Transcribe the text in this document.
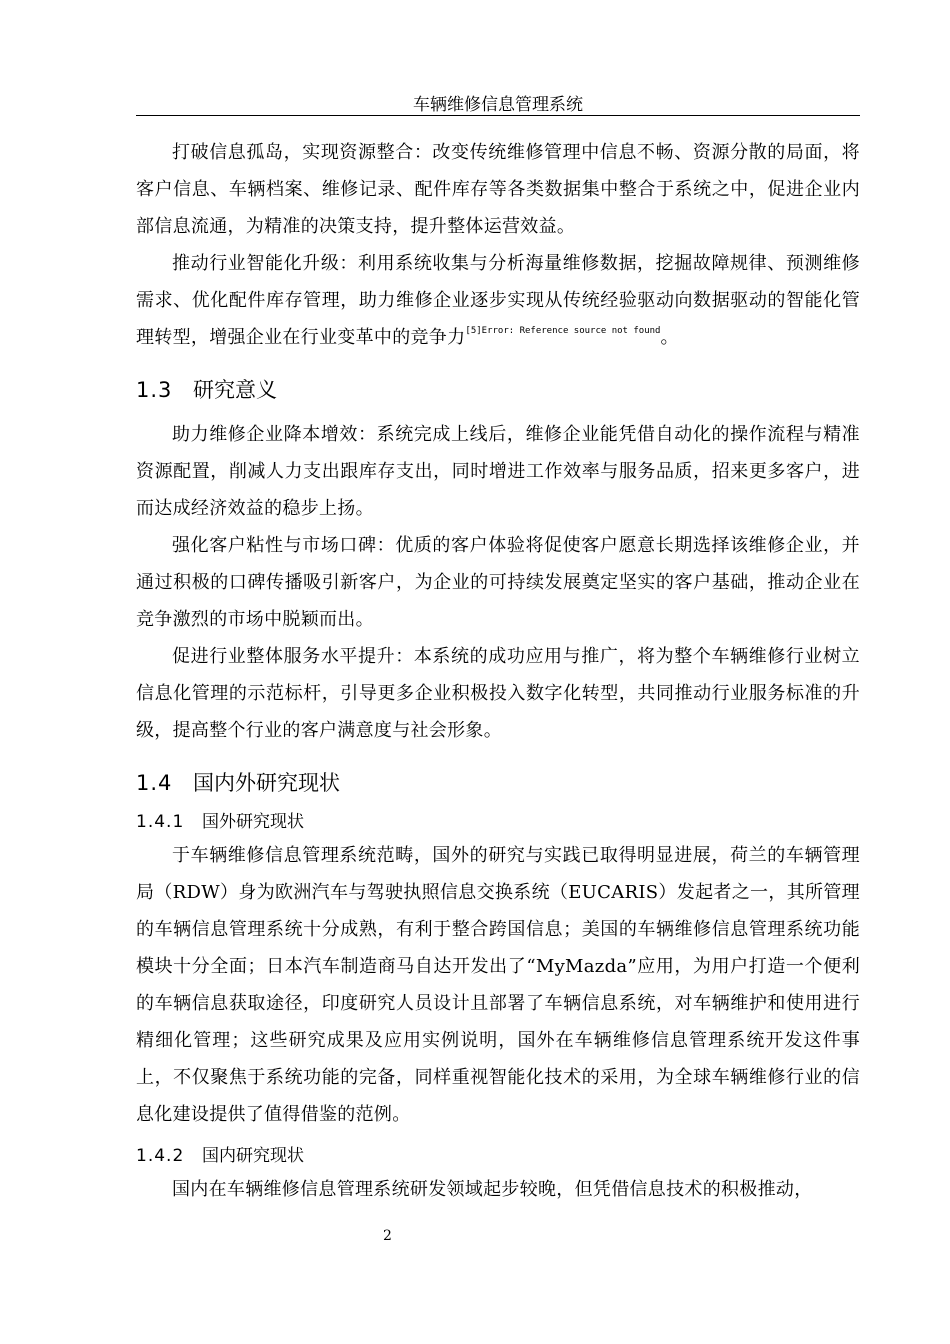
车辆维修信息管理系统

打破信息孤岛，实现资源整合：改变传统维修管理中信息不畅、资源分散的局面，将客户信息、车辆档案、维修记录、配件库存等各类数据集中整合于系统之中，促进企业内部信息流通，为精准的决策支持，提升整体运营效益。

推动行业智能化升级：利用系统收集与分析海量维修数据，挖掘故障规律、预测维修需求、优化配件库存管理，助力维修企业逐步实现从传统经验驱动向数据驱动的智能化管理转型，增强企业在行业变革中的竞争力$^{[5]Error: Reference source not found}$。

1.3 研究意义

助力维修企业降本增效：系统完成上线后，维修企业能凭借自动化的操作流程与精准资源配置，削减人力支出跟库存支出，同时增进工作效率与服务品质，招来更多客户，进而达成经济效益的稳步上扬。

强化客户粘性与市场口碑：优质的客户体验将促使客户愿意长期选择该维修企业，并通过积极的口碑传播吸引新客户，为企业的可持续发展奠定坚实的客户基础，推动企业在竞争激烈的市场中脱颖而出。

促进行业整体服务水平提升：本系统的成功应用与推广，将为整个车辆维修行业树立信息化管理的示范标杆，引导更多企业积极投入数字化转型，共同推动行业服务标准的升级，提高整个行业的客户满意度与社会形象。

1.4 国内外研究现状
1.4.1 国外研究现状

于车辆维修信息管理系统范畴，国外的研究与实践已取得明显进展，荷兰的车辆管理局（RDW）身为欧洲汽车与驾驶执照信息交换系统（EUCARIS）发起者之一，其所管理的车辆信息管理系统十分成熟，有利于整合跨国信息；美国的车辆维修信息管理系统功能模块十分全面；日本汽车制造商马自达开发出了“MyMazda”应用，为用户打造一个便利的车辆信息获取途径，印度研究人员设计且部署了车辆信息系统，对车辆维护和使用进行精细化管理；这些研究成果及应用实例说明，国外在车辆维修信息管理系统开发这件事上，不仅聚焦于系统功能的完备，同样重视智能化技术的采用，为全球车辆维修行业的信息化建设提供了值得借鉴的范例。

1.4.2 国内研究现状

国内在车辆维修信息管理系统研发领域起步较晚，但凭借信息技术的积极推动，

2
